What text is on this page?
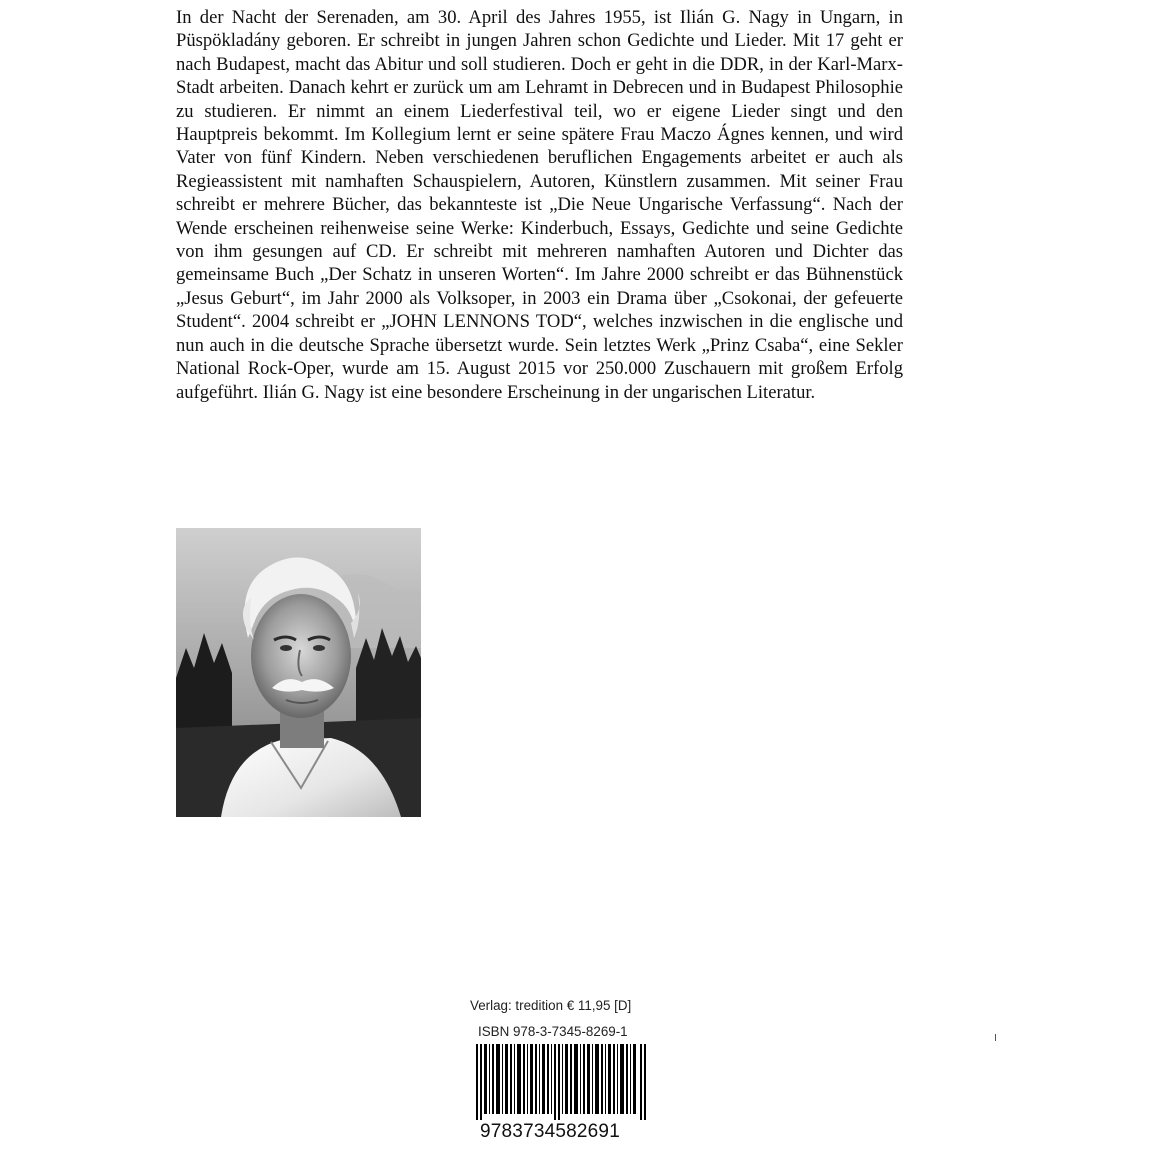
In der Nacht der Serenaden, am 30. April des Jahres 1955, ist Ilián G. Nagy in Ungarn, in Püspökladány geboren. Er schreibt in jungen Jahren schon Gedichte und Lieder. Mit 17 geht er nach Budapest, macht das Abitur und soll studieren. Doch er geht in die DDR, in der Karl-Marx-Stadt arbeiten. Danach kehrt er zurück um am Lehramt in Debrecen und in Budapest Philosophie zu studieren. Er nimmt an einem Liederfestival teil, wo er eigene Lieder singt und den Hauptpreis bekommt. Im Kollegium lernt er seine spätere Frau Maczo Ágnes kennen, und wird Vater von fünf Kindern. Neben verschiedenen beruflichen Engagements arbeitet er auch als Regieassistent mit namhaften Schauspielern, Autoren, Künstlern zusammen. Mit seiner Frau schreibt er mehrere Bücher, das bekannteste ist „Die Neue Ungarische Verfassung“. Nach der Wende erscheinen reihenweise seine Werke: Kinderbuch, Essays, Gedichte und seine Gedichte von ihm gesungen auf CD. Er schreibt mit mehreren namhaften Autoren und Dichter das gemeinsame Buch „Der Schatz in unseren Worten“. Im Jahre 2000 schreibt er das Bühnenstück „Jesus Geburt“, im Jahr 2000 als Volksoper, in 2003 ein Drama über „Csokonai, der gefeuerte Student“. 2004 schreibt er „JOHN LENNONS TOD“, welches inzwischen in die englische und nun auch in die deutsche Sprache übersetzt wurde. Sein letztes Werk „Prinz Csaba“, eine Sekler National Rock-Oper, wurde am 15. August 2015 vor 250.000 Zuschauern mit großem Erfolg aufgeführt. Ilián G. Nagy ist eine besondere Erscheinung in der ungarischen Literatur.

Verlag: tredition € 11,95 [D]
ISBN 978-3-7345-8269-1
9783734582691
